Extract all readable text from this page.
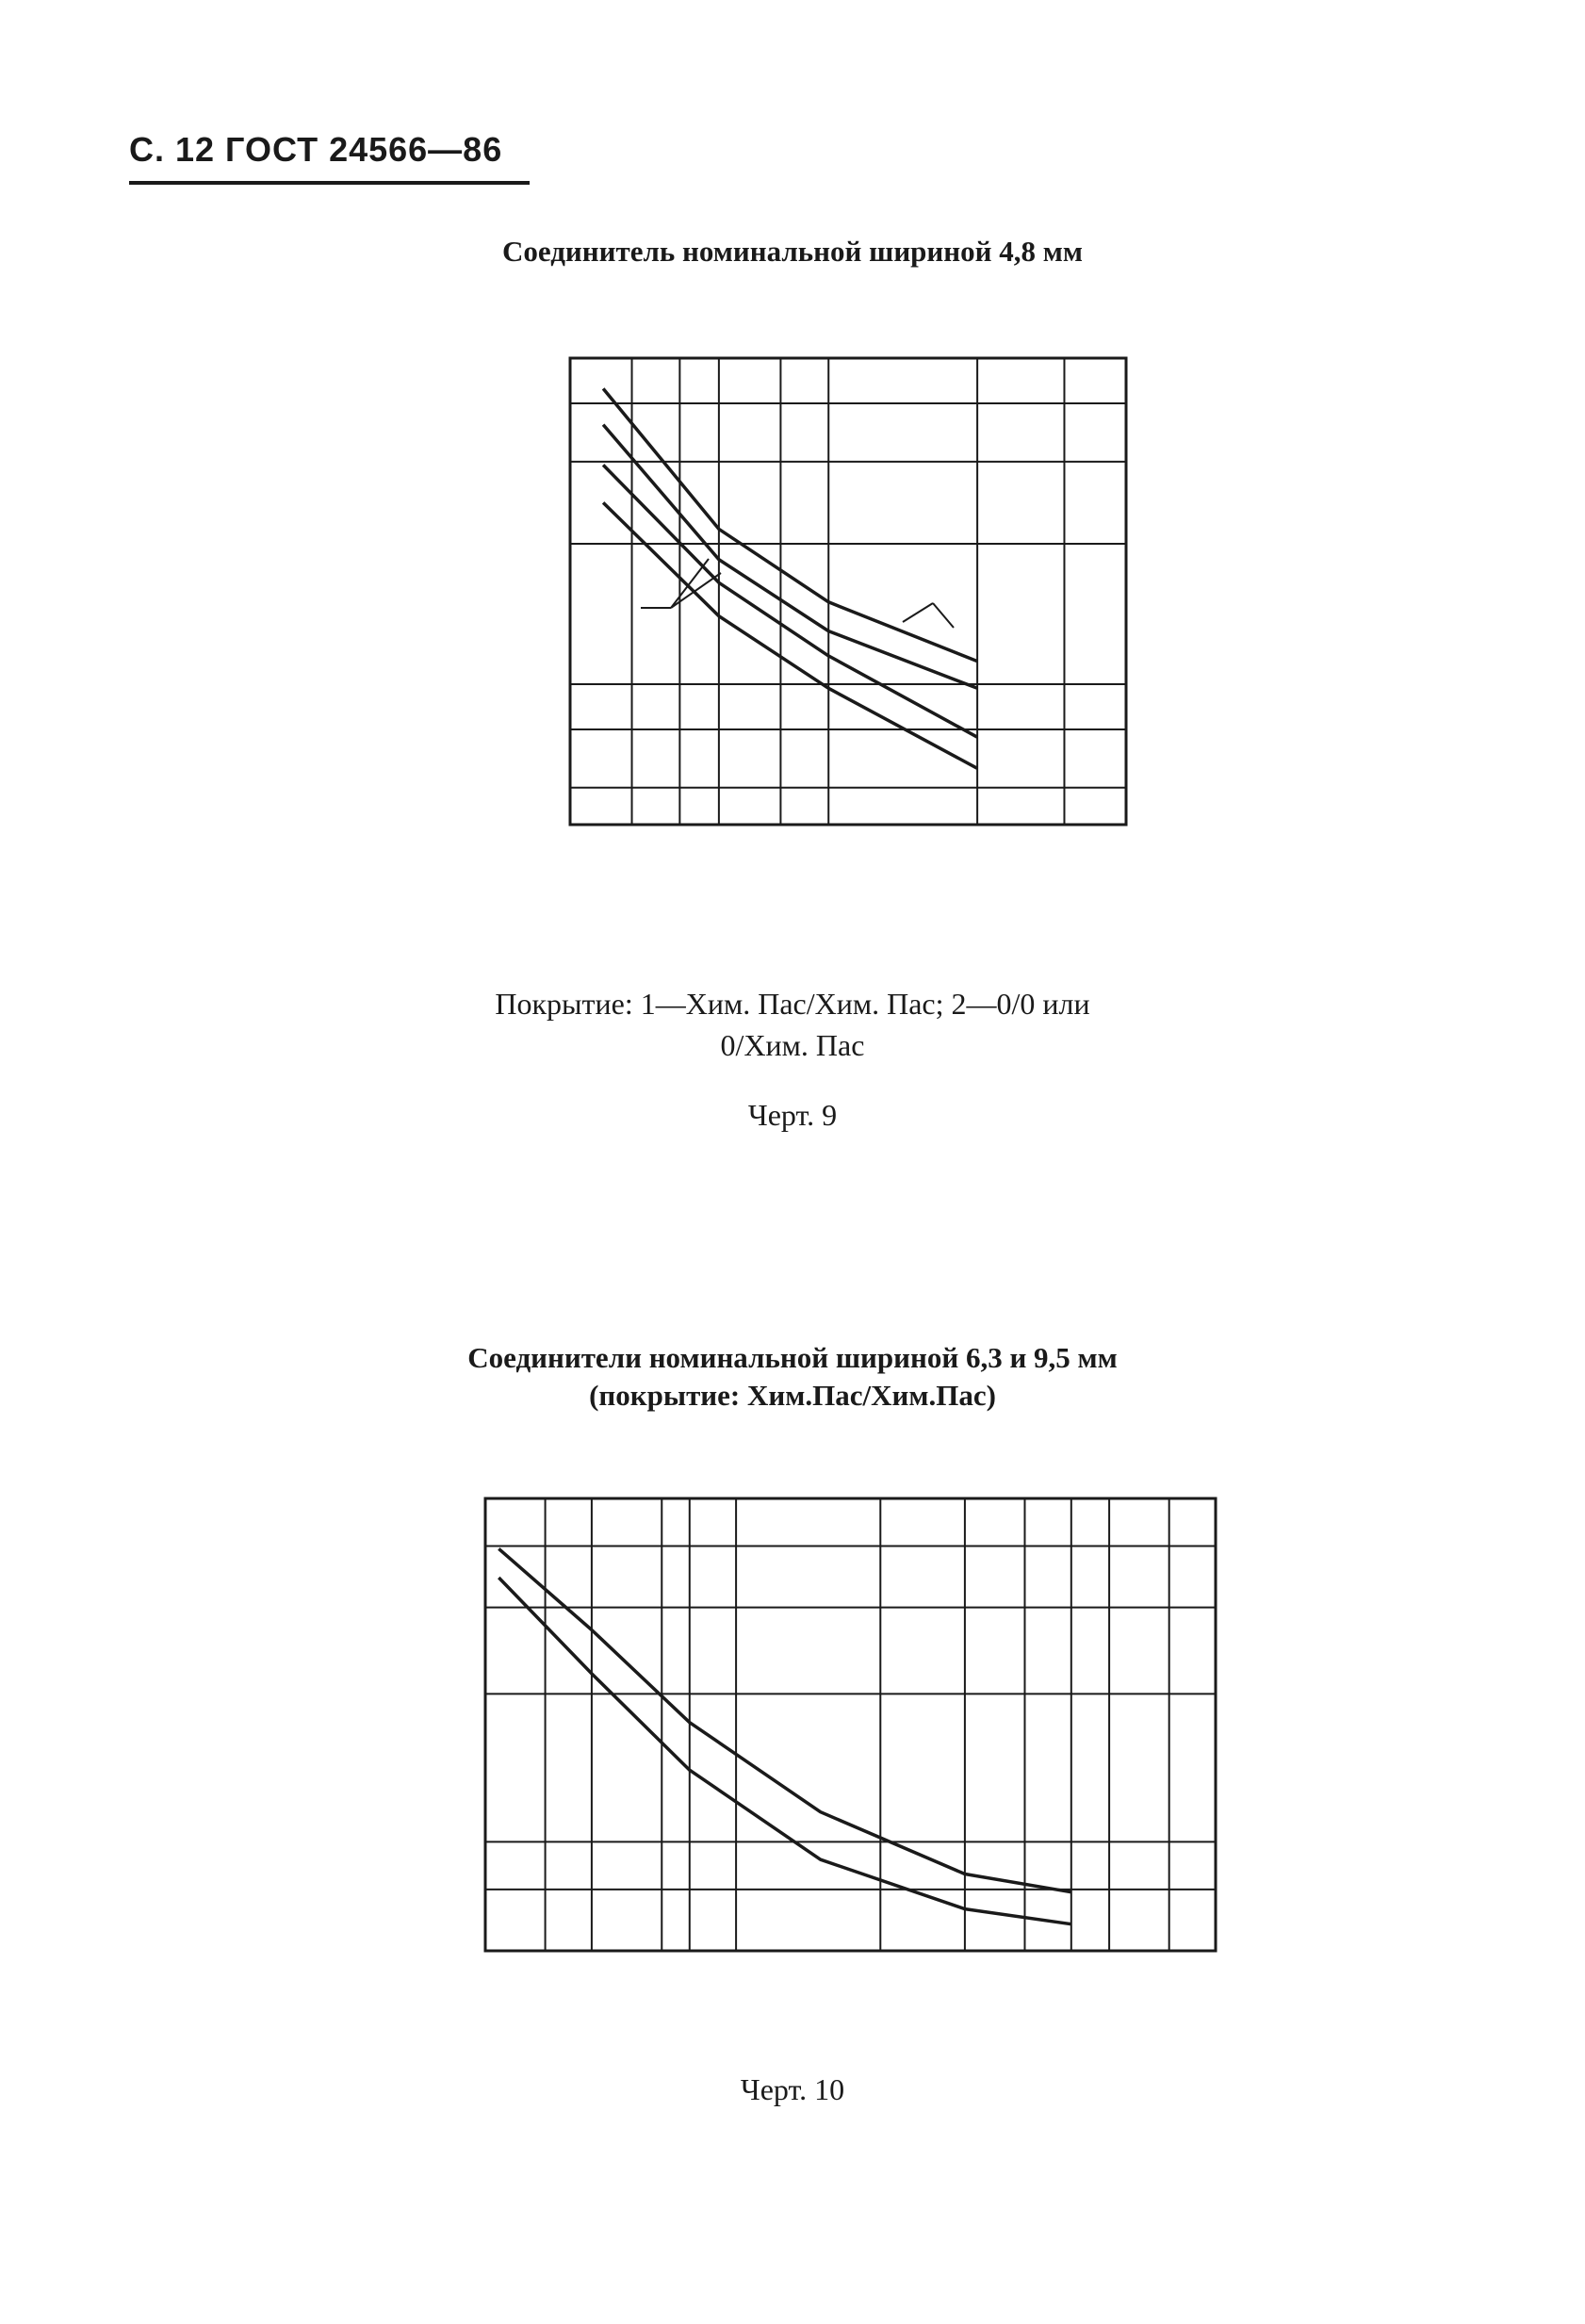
С. 12 ГОСТ 24566—86
Соединитель номинальной шириной 4,8 мм
Покрытие: 1—Хим. Пас/Хим. Пас; 2—0/0 или
0/Хим. Пас
Черт. 9
Соединители номинальной шириной 6,3 и 9,5 мм
(покрытие: Хим.Пас/Хим.Пас)
Черт. 10
